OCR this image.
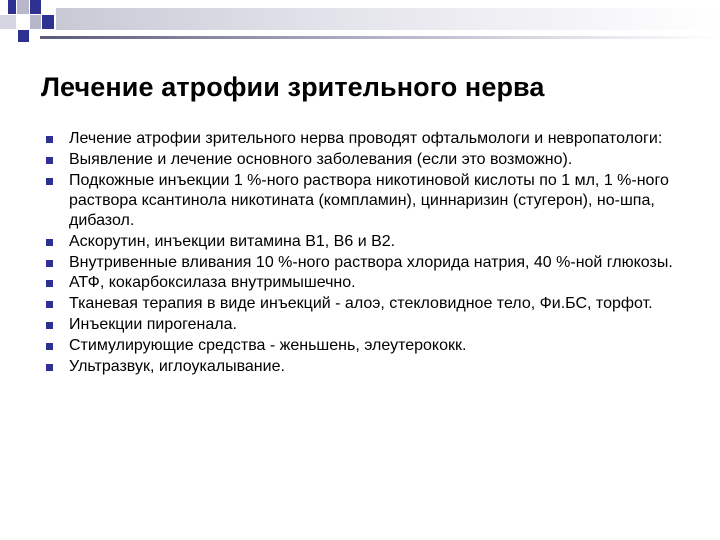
Лечение атрофии зрительного нерва
Лечение атрофии зрительного нерва проводят офтальмологи и невропатологи:
Выявление и лечение основного заболевания (если это возможно).
Подкожные инъекции 1 %-ного раствора никотиновой кислоты по 1 мл, 1 %-ного раствора ксантинола никотината (компламин), циннаризин (стугерон), но-шпа, дибазол.
Аскорутин, инъекции витамина В1, В6 и В2.
Внутривенные вливания 10 %-ного раствора хлорида натрия, 40 %-ной глюкозы.
АТФ, кокарбоксилаза внутримышечно.
Тканевая терапия в виде инъекций - алоэ, стекловидное тело, Фи.БС, торфот.
Инъекции пирогенала.
Стимулирующие средства - женьшень, элеутерококк.
Ультразвук, иглоукалывание.
